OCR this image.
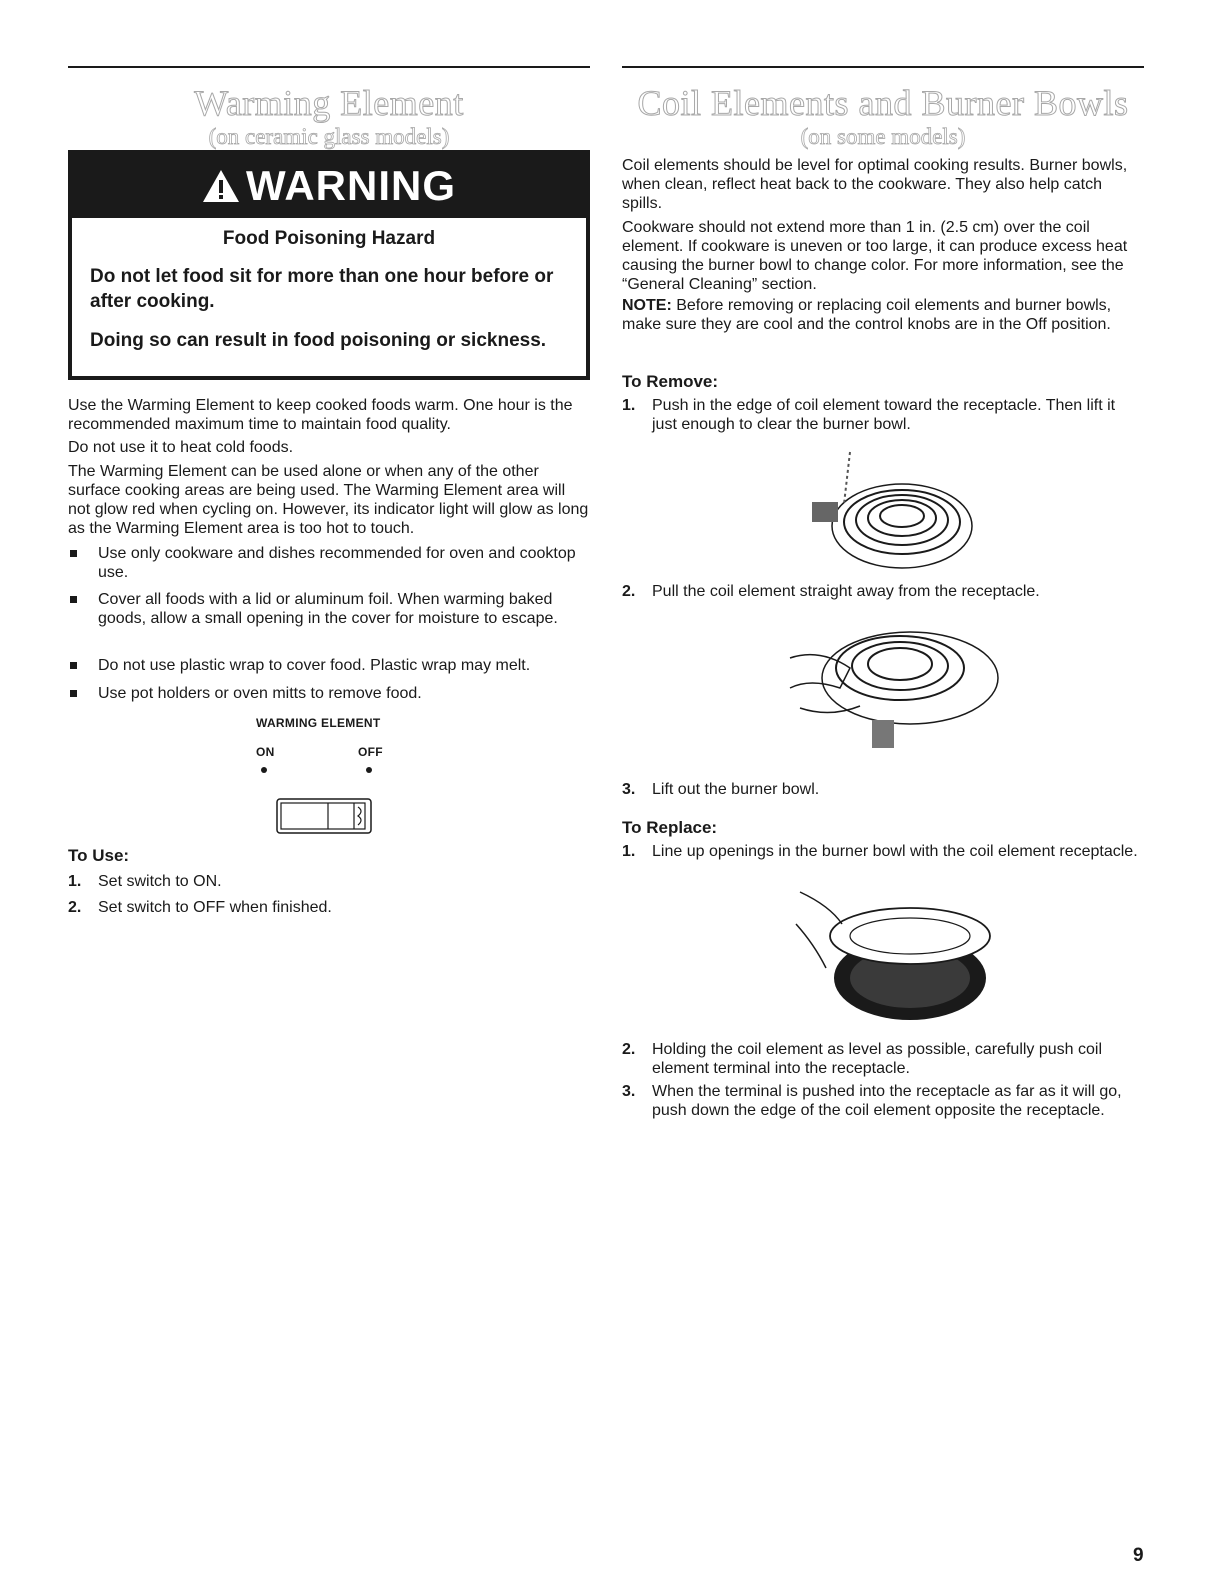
Warming Element
(on ceramic glass models)
WARNING
Food Poisoning Hazard
Do not let food sit for more than one hour before or after cooking.
Doing so can result in food poisoning or sickness.

Use the Warming Element to keep cooked foods warm. One hour is the recommended maximum time to maintain food quality.

Do not use it to heat cold foods.

The Warming Element can be used alone or when any of the other surface cooking areas are being used. The Warming Element area will not glow red when cycling on. However, its indicator light will glow as long as the Warming Element area is too hot to touch.

Use only cookware and dishes recommended for oven and cooktop use.
Cover all foods with a lid or aluminum foil. When warming baked goods, allow a small opening in the cover for moisture to escape.
Do not use plastic wrap to cover food. Plastic wrap may melt.
Use pot holders or oven mitts to remove food.
WARMING ELEMENT
ON	OFF
To Use:
1. Set switch to ON.
2. Set switch to OFF when finished.
Coil Elements and Burner Bowls
(on some models)

Coil elements should be level for optimal cooking results. Burner bowls, when clean, reflect heat back to the cookware. They also help catch spills.

Cookware should not extend more than 1 in. (2.5 cm) over the coil element. If cookware is uneven or too large, it can produce excess heat causing the burner bowl to change color. For more information, see the “General Cleaning” section.

NOTE: Before removing or replacing coil elements and burner bowls, make sure they are cool and the control knobs are in the Off position.

To Remove:
1. Push in the edge of coil element toward the receptacle. Then lift it just enough to clear the burner bowl.
2. Pull the coil element straight away from the receptacle.
3. Lift out the burner bowl.
To Replace:
1. Line up openings in the burner bowl with the coil element receptacle.
2. Holding the coil element as level as possible, carefully push coil element terminal into the receptacle.
3. When the terminal is pushed into the receptacle as far as it will go, push down the edge of the coil element opposite the receptacle.
9
